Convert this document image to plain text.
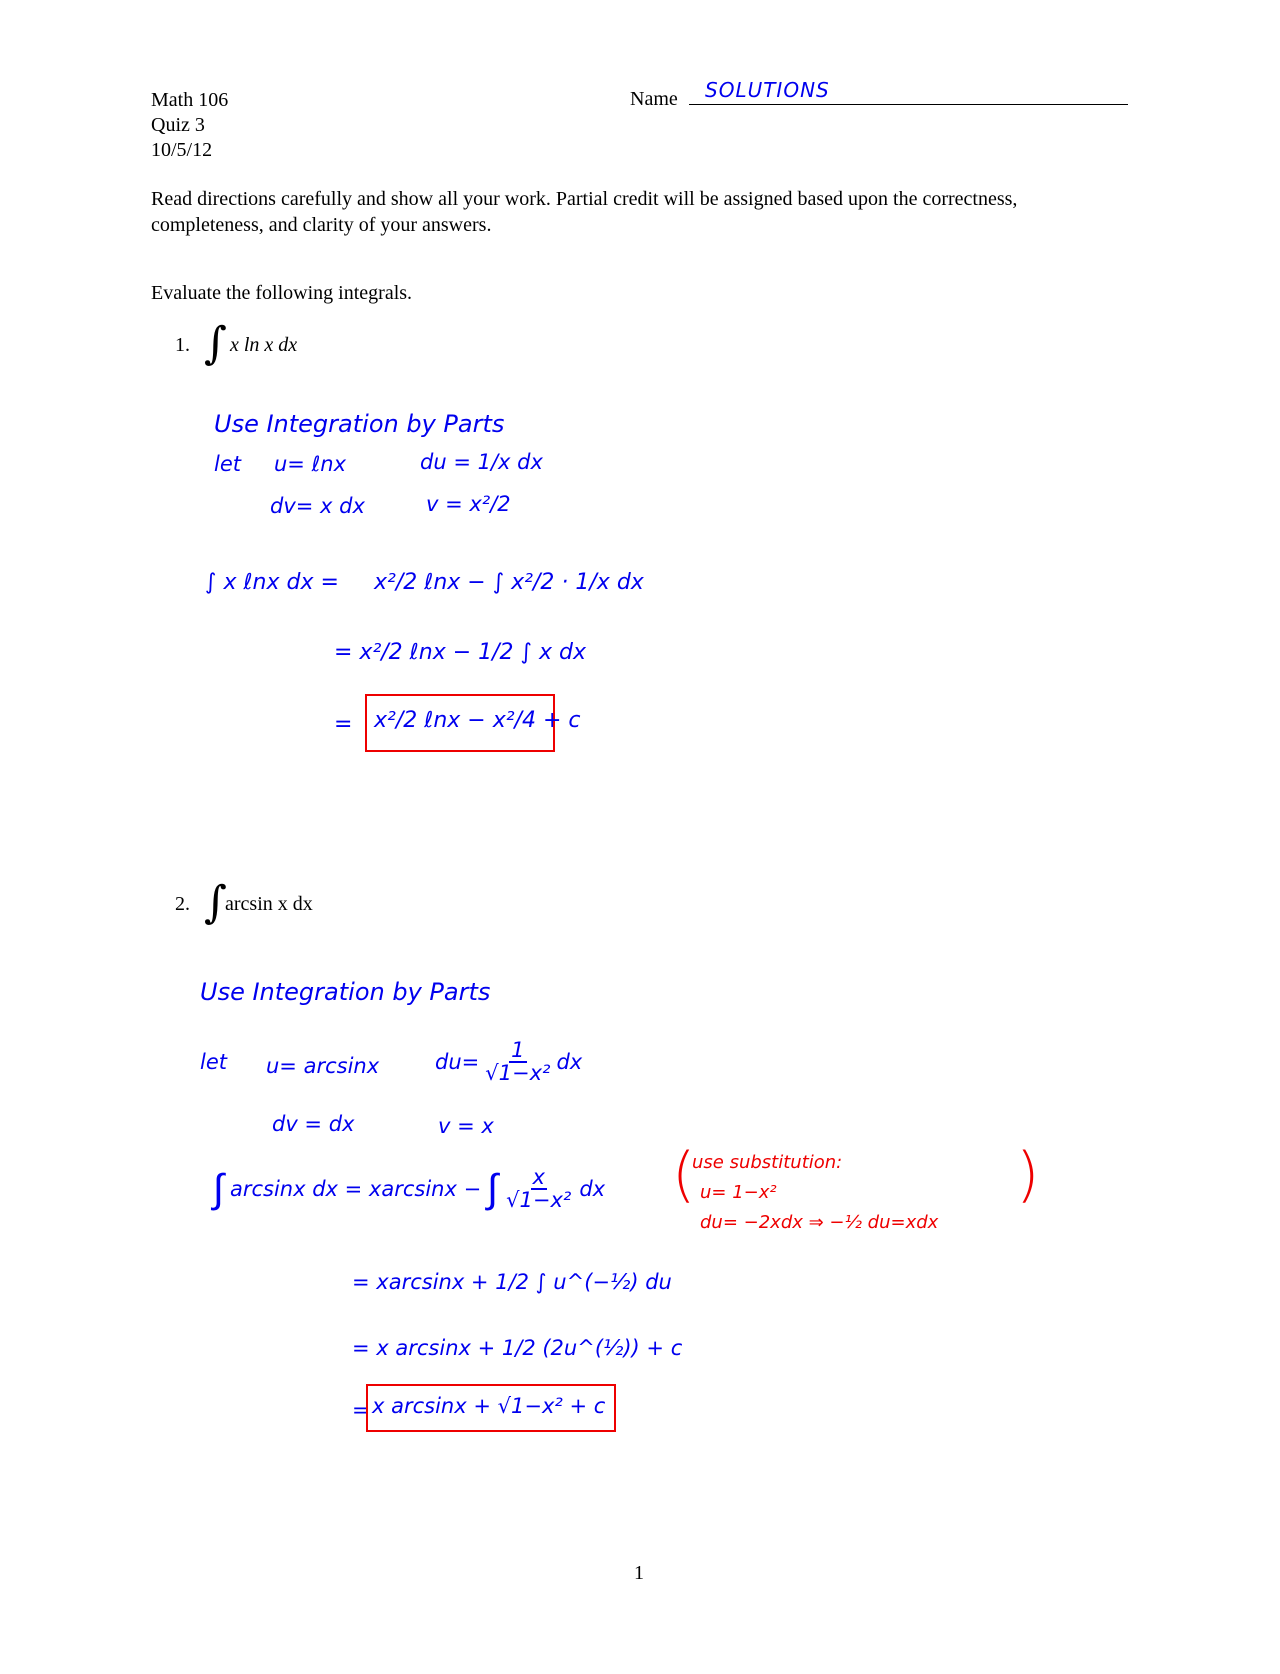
Math 106
Quiz 3
10/5/12
Name SOLUTIONS
Read directions carefully and show all your work. Partial credit will be assigned based upon the correctness,
completeness, and clarity of your answers.
Evaluate the following integrals.
1. ∫ x ln x dx
Use Integration by Parts
let u= ℓnx	du = 1/x dx
dv= x dx	v = x²/2
∫ x ℓnx dx = x²/2 ℓnx − ∫ x²/2 · 1/x dx
= x²/2 ℓnx − 1/2 ∫ x dx
= x²/2 ℓnx − x²/4 + c
2. ∫
arcsin x dx
Use Integration by Parts
let u= arcsinx	$du= \frac{1}{\text{√1−x²}}$ dx
dv = dx	v = x
∫ arcsinx dx = xarcsinx − ∫ $\frac{x}{\text{√1−x²}}$ dx (
use substitution:
u= 1−x²
du= −2xdx ⇒ −½ du=xdx
)
= xarcsinx + 1/2 ∫ u^(−½) du
= x arcsinx + 1/2 (2u^(½)) + c
= x arcsinx + √1−x² + c
1
